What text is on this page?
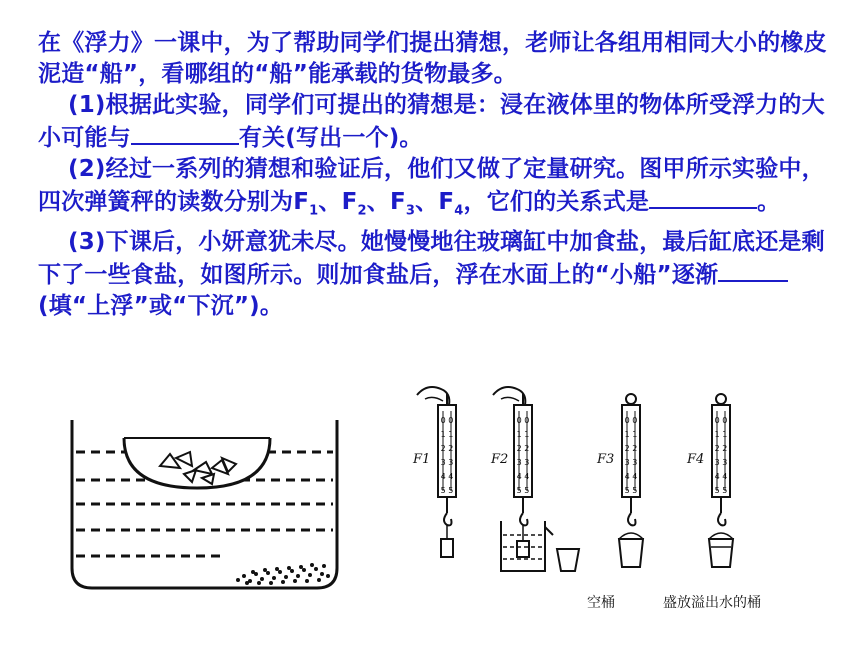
在《浮力》一课中，为了帮助同学们提出猜想，老师让各组用相同大小的橡皮泥造“船”，看哪组的“船”能承载的货物最多。

(1)根据此实验，同学们可提出的猜想是：浸在液体里的物体所受浮力的大小可能与	有关(写出一个)。

(2)经过一系列的猜想和验证后，他们又做了定量研究。图甲所示实验中，四次弹簧秤的读数分别为$F_1$、$F_2$、$F_3$、$F_4$，它们的关系式是	。

(3)下课后，小妍意犹未尽。她慢慢地往玻璃缸中加食盐，最后缸底还是剩下了一些食盐，如图所示。则加食盐后，浮在水面上的“小船”逐渐(填“上浮”或“下沉”)。

0 0
1 1
2 2
3 3
4 4
5 5
F1	F2	F3	F4
空桶	盛放溢出水的桶
